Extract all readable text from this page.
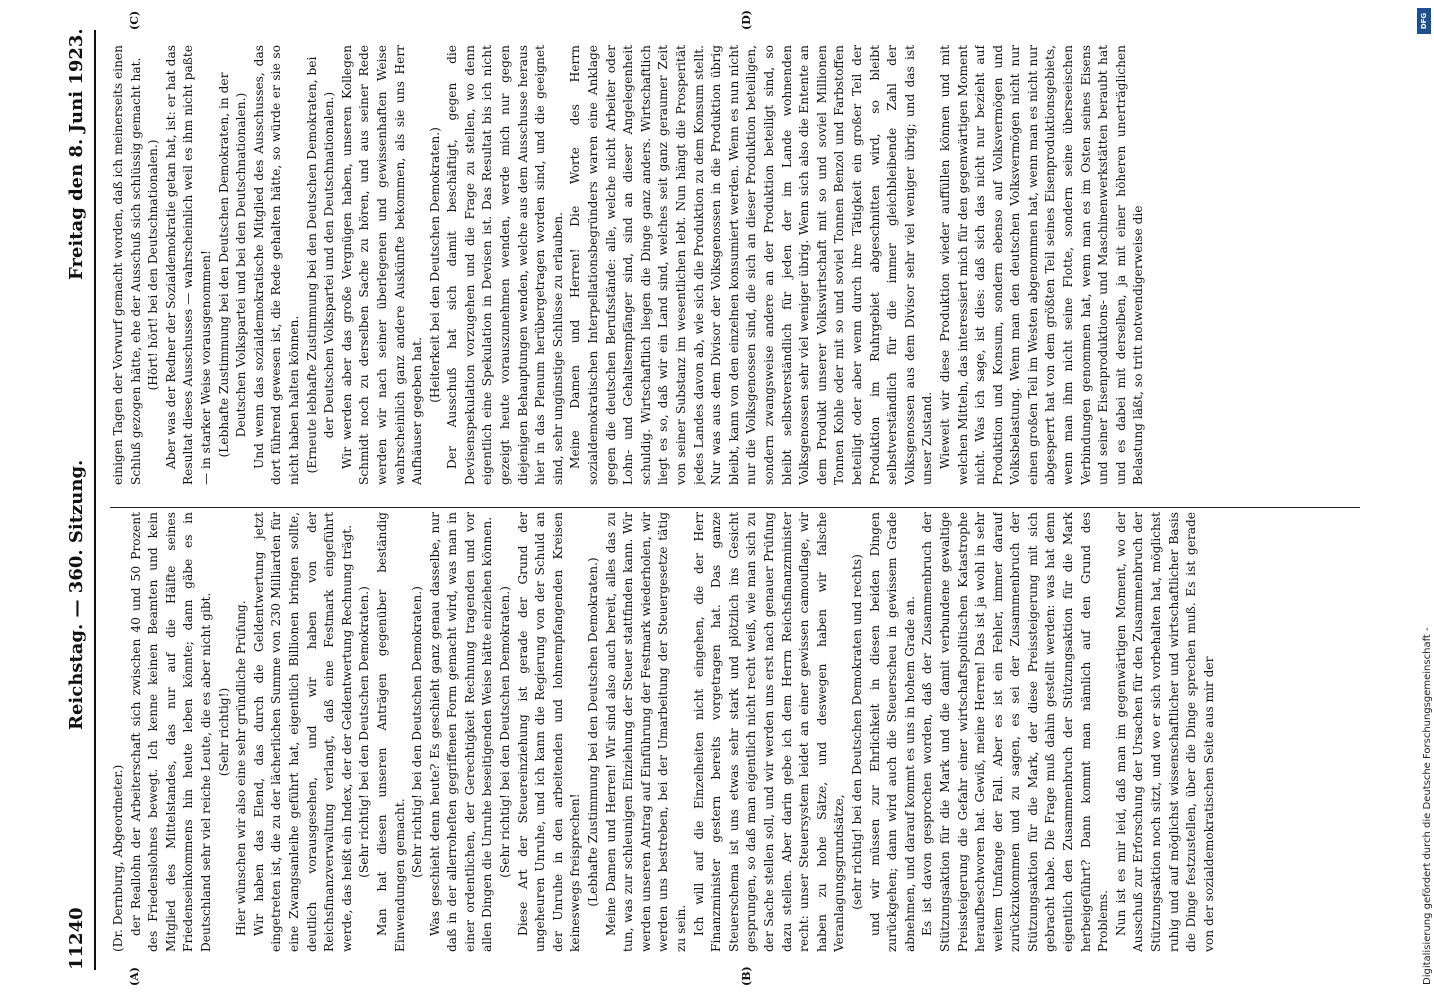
11240
Reichstag. — 360. Sitzung.
Freitag den 8. Juni 1923.
(A)	(B)
(C)	(D)

(Dr. Dernburg, Abgeordneter.) der Reallohn der Arbeiterschaft sich zwischen 40 und 50 Prozent des Friedenslohnes bewegt. Ich kenne keinen Beamten und kein Mitglied des Mittelstandes, das nur auf die Hälfte seines Friedenseinkommens hin heute leben könnte; dann gäbe es in Deutschland sehr viel reiche Leute, die es aber nicht gibt. (Sehr richtig!) Hier wünschen wir also eine sehr gründliche Prüfung. Wir haben das Elend, das durch die Geldentwertung jetzt eingetreten ist, die zu der lächerlichen Summe von 230 Milliarden für eine Zwangsanleihe geführt hat, eigentlich Billionen bringen sollte, deutlich vorausgesehen, und wir haben von der Reichsfinanzverwaltung verlangt, daß eine Festmark eingeführt werde, das heißt ein Index, der der Geldentwertung Rechnung trägt. (Sehr richtig! bei den Deutschen Demokraten.) Man hat diesen unseren Anträgen gegenüber beständig Einwendungen gemacht. (Sehr richtig! bei den Deutschen Demokraten.) Was geschieht denn heute? Es geschieht ganz genau dasselbe, nur daß in der allerroheſten gegriffenen Form gemacht wird, was man in einer ordentlichen, der Gerechtigkeit Rechnung tragenden und vor allen Dingen die Unruhe beseitigenden Weise hätte einziehen können. (Sehr richtig! bei den Deutschen Demokraten.) Diese Art der Steuereinziehung ist gerade der Grund der ungeheuren Unruhe, und ich kann die Regierung von der Schuld an der Unruhe in den arbeitenden und lohnempfangenden Kreisen keineswegs freisprechen! (Lebhafte Zustimmung bei den Deutschen Demokraten.) Meine Damen und Herren! Wir sind also auch bereit, alles das zu tun, was zur schleunigen Einziehung der Steuer stattfinden kann. Wir werden unseren Antrag auf Einführung der Festmark wiederholen, wir werden uns bestreben, bei der Umarbeitung der Steuergesetze tätig zu sein. Ich will auf die Einzelheiten nicht eingehen, die der Herr Finanzminister gestern bereits vorgetragen hat. Das ganze Steuerschema ist uns etwas sehr stark und plötzlich ins Gesicht gesprungen, so daß man eigentlich nicht recht weiß, wie man sich zu der Sache stellen soll, und wir werden uns erst nach genauer Prüfung dazu stellen. Aber darin gebe ich dem Herrn Reichsfinanzminister recht: unser Steuersystem leidet an einer gewissen camouflage, wir haben zu hohe Sätze, und deswegen haben wir falsche Veranlagungsgrundsätze, (sehr richtig! bei den Deutschen Demokraten und rechts) und wir müssen zur Ehrlichkeit in diesen beiden Dingen zurückgehen; dann wird auch die Steuerscheu in gewissem Grade abnehmen, und darauf kommt es uns in hohem Grade an. Es ist davon gesprochen worden, daß der Zusammenbruch der Stützungsaktion für die Mark und die damit verbundene gewaltige Preissteigerung die Gefahr einer wirtschaftspolitischen Katastrophe heraufbeschworen hat. Gewiß, meine Herren! Das ist ja wohl in sehr weitem Umfange der Fall. Aber es ist ein Fehler, immer darauf zurückzukommen und zu sagen, es sei der Zusammenbruch der Stützungsaktion für die Mark, der diese Preissteigerung mit sich gebracht habe. Die Frage muß dahin gestellt werden: was hat denn eigentlich den Zusammenbruch der Stützungsaktion für die Mark herbeigeführt? Dann kommt man nämlich auf den Grund des Problems. Nun ist es mir leid, daß man im gegenwärtigen Moment, wo der Ausschuß zur Erforschung der Ursachen für den Zusammenbruch der Stützungsaktion noch sitzt, und wo er sich vorbehalten hat, möglichst ruhig und auf möglichst wissenschaftlicher und wirtschaftlicher Basis die Dinge festzustellen, über die Dinge sprechen muß. Es ist gerade von der sozialdemokratischen Seite aus mir der

einigen Tagen der Vorwurf gemacht worden, daß ich meinerseits einen Schluß gezogen hätte, ehe der Ausschuß sich schlüssig gemacht hat. (Hört! hört! bei den Deutschnationalen.) Aber was der Redner der Sozialdemokratie getan hat, ist: er hat das Resultat dieses Ausschusses — wahrscheinlich weil es ihm nicht paßte — in starker Weise vorausgenommen! (Lebhafte Zustimmung bei den Deutschen Demokraten, in der Deutschen Volkspartei und bei den Deutschnationalen.) Und wenn das sozialdemokratische Mitglied des Ausschusses, das dort führend gewesen ist, die Rede gehalten hätte, so würde er sie so nicht haben halten können. (Erneute lebhafte Zustimmung bei den Deutschen Demokraten, bei der Deutschen Volkspartei und den Deutschnationalen.) Wir werden aber das große Vergnügen haben, unseren Kollegen Schmidt noch zu derselben Sache zu hören, und aus seiner Rede werden wir nach seiner überlegenen und gewissenhaften Weise wahrscheinlich ganz andere Auskünfte bekommen, als sie uns Herr Aufhäuser gegeben hat.

(Heiterkeit bei den Deutschen Demokraten.) Der Ausschuß hat sich damit beschäftigt, gegen die Devisenspekulation vorzugehen und die Frage zu stellen, wo denn eigentlich eine Spekulation in Devisen ist. Das Resultat bis ich nicht gezeigt heute vorauszunehmen wenden, werde mich nur gegen diejenigen Behauptungen wenden, welche aus dem Ausschusse heraus hier in das Plenum herübergetragen worden sind, und die geeignet sind, sehr ungünstige Schlüsse zu erlauben. Meine Damen und Herren! Die Worte des Herrn sozialdemokratischen Interpellationsbegründers waren eine Anklage gegen die deutschen Berufsstände: alle, welche nicht Arbeiter oder Lohn- und Gehaltsempfänger sind, sind an dieser Angelegenheit schuldig. Wirtschaftlich liegen die Dinge ganz anders. Wirtschaftlich liegt es so, daß wir ein Land sind, welches seit ganz geraumer Zeit von seiner Substanz im wesentlichen lebt. Nun hängt die Prosperität jedes Landes davon ab, wie sich die Produktion zu dem Konsum stellt. Nur was aus dem Divisor der Volksgenossen in die Produktion übrig bleibt, kann von den einzelnen konsumiert werden. Wenn es nun nicht nur die Volksgenossen sind, die sich an dieser Produktion beteiligen, sondern zwangsweise andere an der Produktion beteiligt sind, so bleibt selbstverständlich für jeden der im Lande wohnenden Volksgenossen sehr viel weniger übrig. Wenn sich also die Entente an dem Produkt unserer Volkswirtschaft mit so und soviel Millionen Tonnen Kohle oder mit so und soviel Tonnen Benzol und Farbstoffen beteiligt oder aber wenn durch ihre Tätigkeit ein großer Teil der Produktion im Ruhrgebiet abgeschnitten wird, so bleibt selbstverständlich für die immer gleichbleibende Zahl der Volksgenossen aus dem Divisor sehr viel weniger übrig; und das ist unser Zustand. Wieweit wir diese Produktion wieder auffüllen können und mit welchen Mitteln, das interessiert mich für den gegenwärtigen Moment nicht. Was ich sage, ist dies: daß sich das nicht nur bezieht auf Produktion und Konsum, sondern ebenso auf Volksvermögen und Volksbelastung. Wenn man den deutschen Volksvermögen nicht nur einen großen Teil im Westen abgenommen hat, wenn man es nicht nur abgesperrt hat von dem größten Teil seines Eisenproduktionsgebiets, wenn man ihm nicht seine Flotte, sondern seine überseeischen Verbindungen genommen hat, wenn man es im Osten seines Eisens und seiner Eisenproduktions- und Maschinenwerkstätten beraubt hat und es dabei mit derselben, ja mit einer höheren unerträglichen Belastung läßt, so tritt notwendigerweise die

DFG
Digitalisierung gefördert durch die Deutsche Forschungsgemeinschaft -
